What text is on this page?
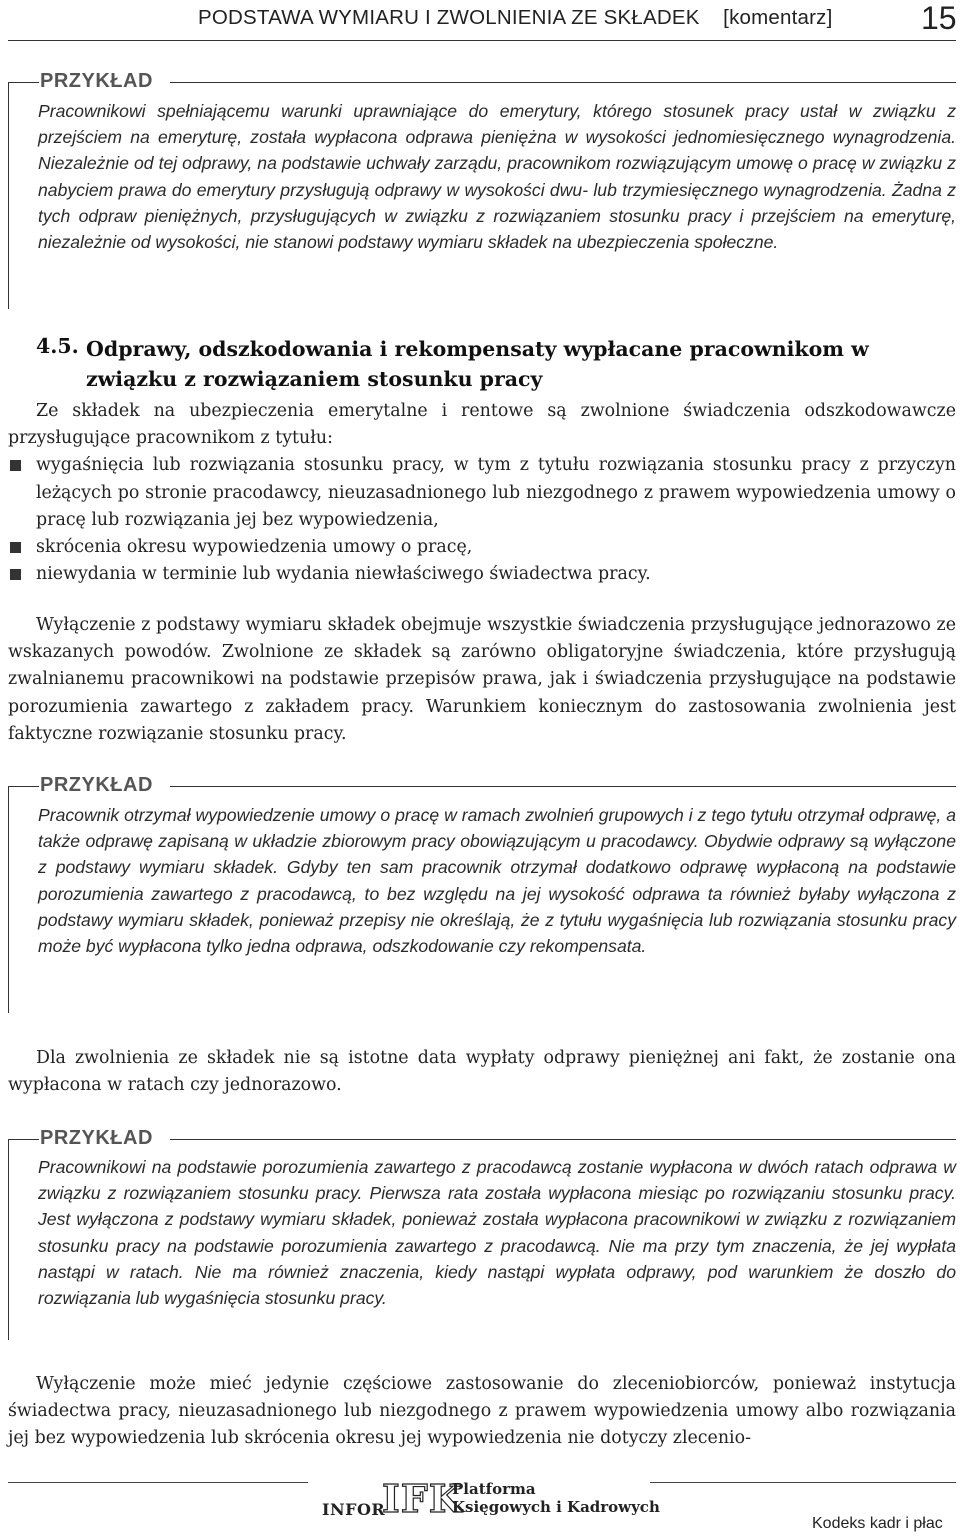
PODSTAWA WYMIARU I ZWOLNIENIA ZE SKŁADEK    [komentarz]	15
PRZYKŁAD
Pracownikowi spełniającemu warunki uprawniające do emerytury, którego stosunek pracy ustał w związku z przejściem na emeryturę, została wypłacona odprawa pieniężna w wysokości jednomiesięcznego wynagrodzenia. Niezależnie od tej odprawy, na podstawie uchwały zarządu, pracownikom rozwiązującym umowę o pracę w związku z nabyciem prawa do emerytury przysługują odprawy w wysokości dwu- lub trzymiesięcznego wynagrodzenia. Żadna z tych odpraw pieniężnych, przysługujących w związku z rozwiązaniem stosunku pracy i przejściem na emeryturę, niezależnie od wysokości, nie stanowi podstawy wymiaru składek na ubezpieczenia społeczne.
4.5. Odprawy, odszkodowania i rekompensaty wypłacane pracownikom w związku z rozwiązaniem stosunku pracy
Ze składek na ubezpieczenia emerytalne i rentowe są zwolnione świadczenia odszkodowawcze przysługujące pracownikom z tytułu:
wygaśnięcia lub rozwiązania stosunku pracy, w tym z tytułu rozwiązania stosunku pracy z przyczyn leżących po stronie pracodawcy, nieuzasadnionego lub niezgodnego z prawem wypowiedzenia umowy o pracę lub rozwiązania jej bez wypowiedzenia,
skrócenia okresu wypowiedzenia umowy o pracę,
niewydania w terminie lub wydania niewłaściwego świadectwa pracy.
Wyłączenie z podstawy wymiaru składek obejmuje wszystkie świadczenia przysługujące jednorazowo ze wskazanych powodów. Zwolnione ze składek są zarówno obligatoryjne świadczenia, które przysługują zwalnianemu pracownikowi na podstawie przepisów prawa, jak i świadczenia przysługujące na podstawie porozumienia zawartego z zakładem pracy. Warunkiem koniecznym do zastosowania zwolnienia jest faktyczne rozwiązanie stosunku pracy.
PRZYKŁAD
Pracownik otrzymał wypowiedzenie umowy o pracę w ramach zwolnień grupowych i z tego tytułu otrzymał odprawę, a także odprawę zapisaną w układzie zbiorowym pracy obowiązującym u pracodawcy. Obydwie odprawy są wyłączone z podstawy wymiaru składek. Gdyby ten sam pracownik otrzymał dodatkowo odprawę wypłaconą na podstawie porozumienia zawartego z pracodawcą, to bez względu na jej wysokość odprawa ta również byłaby wyłączona z podstawy wymiaru składek, ponieważ przepisy nie określają, że z tytułu wygaśnięcia lub rozwiązania stosunku pracy może być wypłacona tylko jedna odprawa, odszkodowanie czy rekompensata.
Dla zwolnienia ze składek nie są istotne data wypłaty odprawy pieniężnej ani fakt, że zostanie ona wypłacona w ratach czy jednorazowo.
PRZYKŁAD
Pracownikowi na podstawie porozumienia zawartego z pracodawcą zostanie wypłacona w dwóch ratach odprawa w związku z rozwiązaniem stosunku pracy. Pierwsza rata została wypłacona miesiąc po rozwiązaniu stosunku pracy. Jest wyłączona z podstawy wymiaru składek, ponieważ została wypłacona pracownikowi w związku z rozwiązaniem stosunku pracy na podstawie porozumienia zawartego z pracodawcą. Nie ma przy tym znaczenia, że jej wypłata nastąpi w ratach. Nie ma również znaczenia, kiedy nastąpi wypłata odprawy, pod warunkiem że doszło do rozwiązania lub wygaśnięcia stosunku pracy.
Wyłączenie może mieć jedynie częściowe zastosowanie do zleceniobiorców, ponieważ instytucja świadectwa pracy, nieuzasadnionego lub niezgodnego z prawem wypowiedzenia umowy albo rozwiązania jej bez wypowiedzenia lub skrócenia okresu jej wypowiedzenia nie dotyczy zlecenio-
INFOR
IFK
Platforma
Księgowych i Kadrowych
Kodeks kadr i płac
